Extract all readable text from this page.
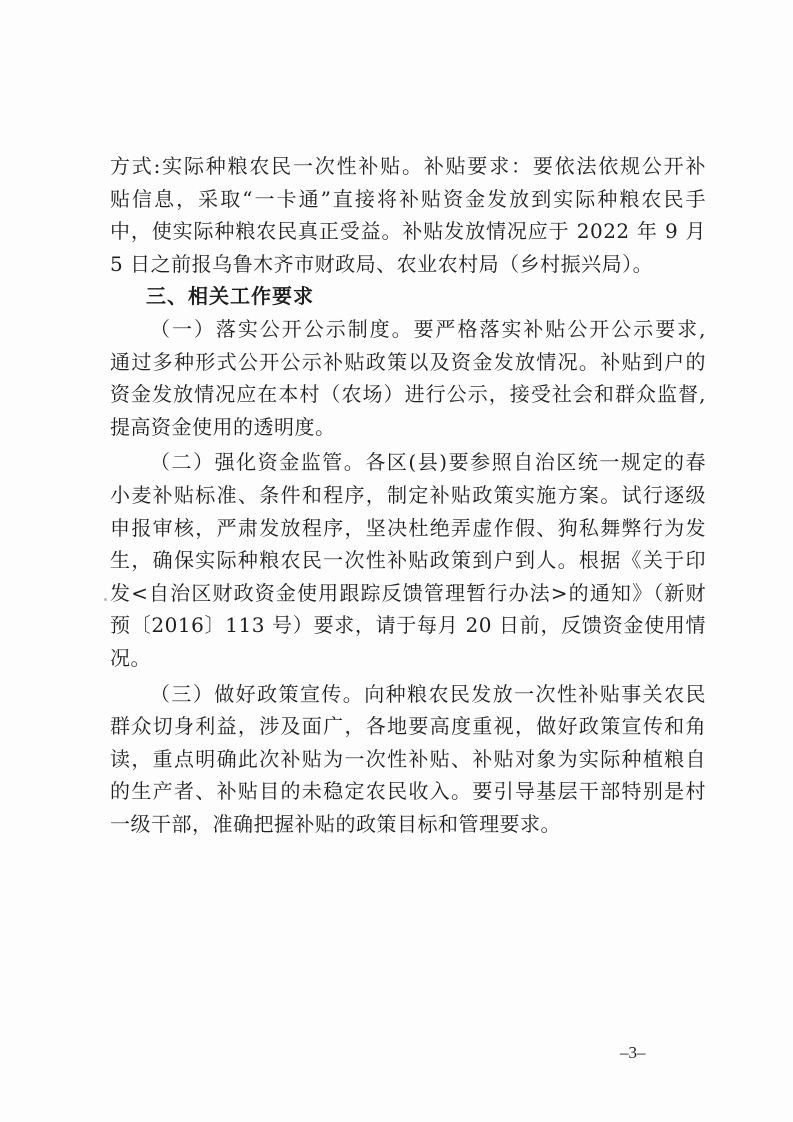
方式:实际种粮农民一次性补贴。补贴要求：要依法依规公开补
贴信息，采取“一卡通”直接将补贴资金发放到实际种粮农民手
中，使实际种粮农民真正受益。补贴发放情况应于 2022 年 9 月
5 日之前报乌鲁木齐市财政局、农业农村局（乡村振兴局）。
三、相关工作要求
（一）落实公开公示制度。要严格落实补贴公开公示要求,
通过多种形式公开公示补贴政策以及资金发放情况。补贴到户的
资金发放情况应在本村（农场）进行公示，接受社会和群众监督,
提高资金使用的透明度。
（二）强化资金监管。各区(县)要参照自治区统一规定的春
小麦补贴标准、条件和程序，制定补贴政策实施方案。试行逐级
申报审核，严肃发放程序，坚决杜绝弄虚作假、狗私舞弊行为发
生，确保实际种粮农民一次性补贴政策到户到人。根据《关于印
发<自治区财政资金使用跟踪反馈管理暂行办法>的通知》（新财
预〔2016〕113 号）要求，请于每月 20 日前，反馈资金使用情
况。
（三）做好政策宣传。向种粮农民发放一次性补贴事关农民
群众切身利益，涉及面广，各地要高度重视，做好政策宣传和角
读，重点明确此次补贴为一次性补贴、补贴对象为实际种植粮自
的生产者、补贴目的未稳定农民收入。要引导基层干部特别是村
一级干部，准确把握补贴的政策目标和管理要求。
–3–
